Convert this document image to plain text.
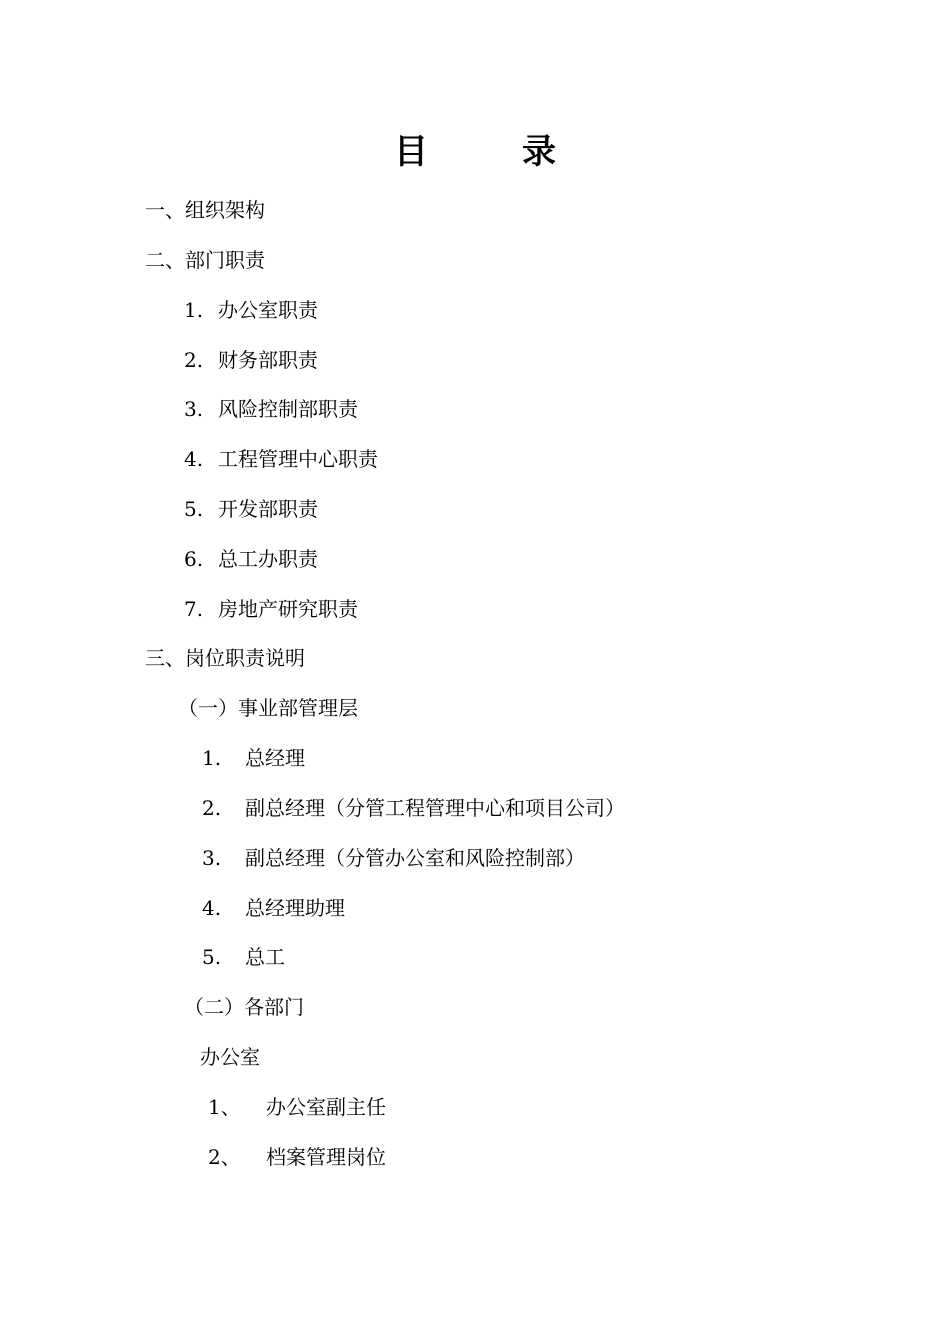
目　录
一、组织架构
二、部门职责
1. 办公室职责
2. 财务部职责
3. 风险控制部职责
4. 工程管理中心职责
5. 开发部职责
6. 总工办职责
7. 房地产研究职责
三、岗位职责说明
（一）事业部管理层
1. 总经理
2. 副总经理（分管工程管理中心和项目公司）
3. 副总经理（分管办公室和风险控制部）
4. 总经理助理
5. 总工
（二）各部门
办公室
1、 办公室副主任
2、 档案管理岗位
